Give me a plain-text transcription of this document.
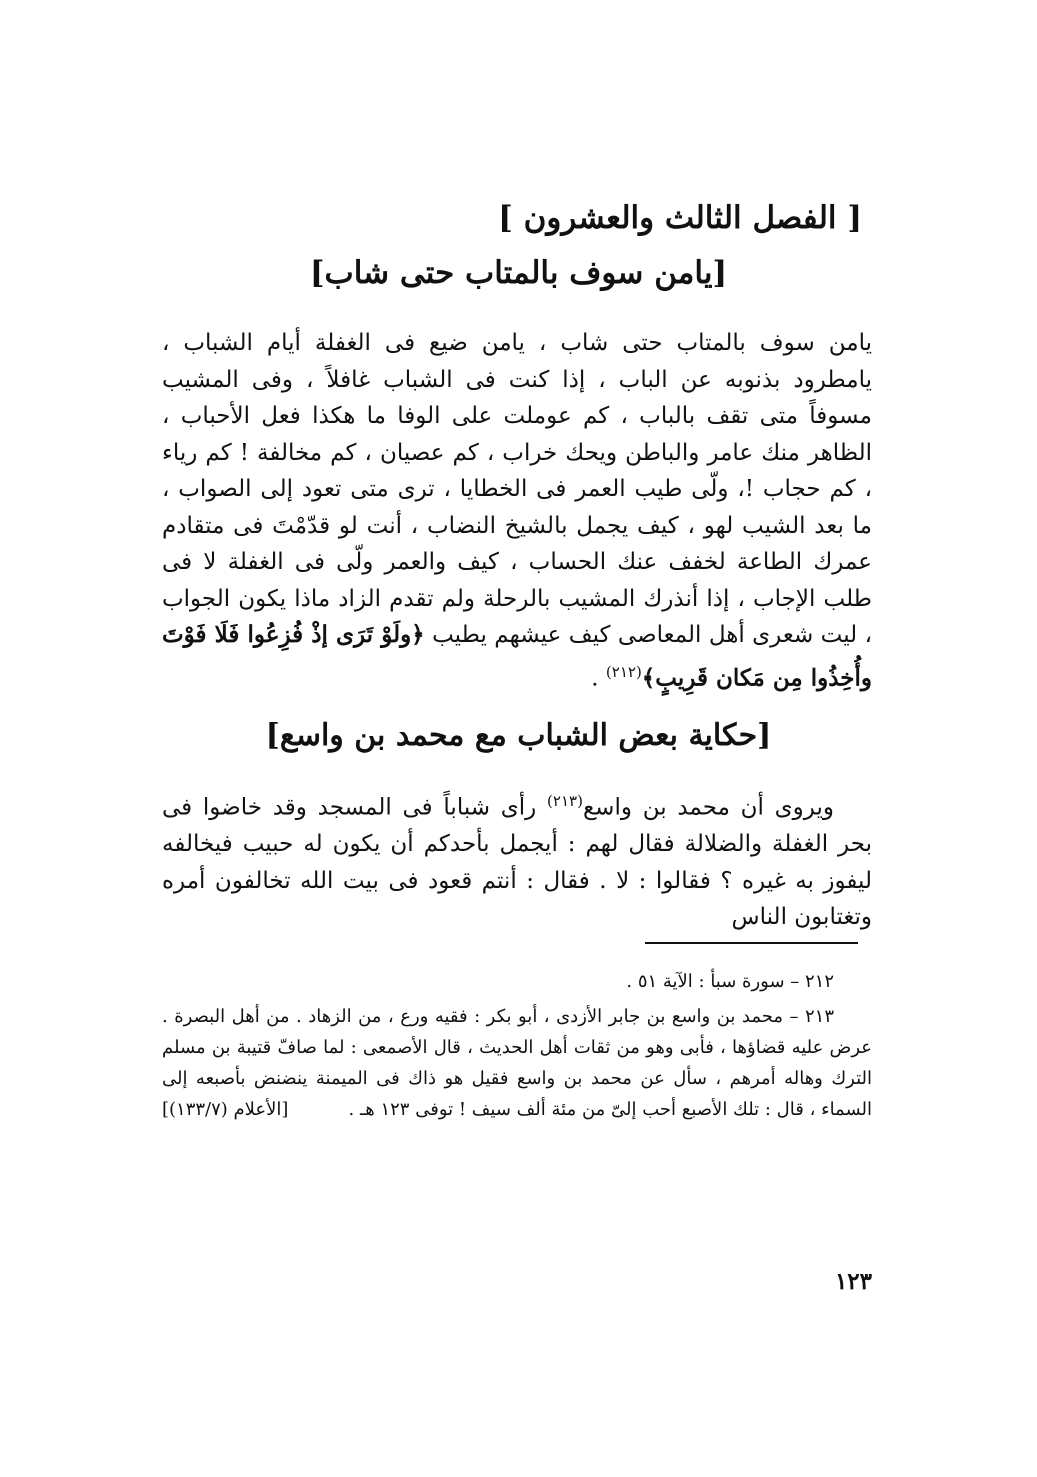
[ الفصل الثالث والعشرون ]
[يامن سوف بالمتاب حتى شاب]

يامن سوف بالمتاب حتى شاب ، يامن ضيع فى الغفلة أيام الشباب ، يامطرود بذنوبه عن الباب ، إذا كنت فى الشباب غافلاً ، وفى المشيب مسوفاً متى تقف بالباب ، كم عوملت على الوفا ما هكذا فعل الأحباب ، الظاهر منك عامر والباطن ويحك خراب ، كم عصيان ، كم مخالفة ! كم رياء ، كم حجاب !، ولّى طيب العمر فى الخطايا ، ترى متى تعود إلى الصواب ، ما بعد الشيب لهو ، كيف يجمل بالشيخ النضاب ، أنت لو قدّمْتَ فى متقادم عمرك الطاعة لخفف عنك الحساب ، كيف والعمر ولّى فى الغفلة لا فى طلب الإجاب ، إذا أنذرك المشيب بالرحلة ولم تقدم الزاد ماذا يكون الجواب ، ليت شعرى أهل المعاصى كيف عيشهم يطيب ﴿ولَوْ تَرَى إذْ فُزِعُوا فَلَا فَوْتَ وأُخِذُوا مِن مَكان قَرِيبٍ﴾$^{(٢١٢)}$ .

[حكاية بعض الشباب مع محمد بن واسع]

ويروى أن محمد بن واسع$^{(٢١٣)}$ رأى شباباً فى المسجد وقد خاضوا فى بحر الغفلة والضلالة فقال لهم : أيجمل بأحدكم أن يكون له حبيب فيخالفه ليفوز به غيره ؟ فقالوا : لا . فقال : أنتم قعود فى بيت الله تخالفون أمره وتغتابون الناس

٢١٢ – سورة سبأ : الآية ٥١ .

٢١٣ – محمد بن واسع بن جابر الأزدى ، أبو بكر : فقيه ورع ، من الزهاد . من أهل البصرة . عرض عليه قضاؤها ، فأبى وهو من ثقات أهل الحديث ، قال الأصمعى : لما صافّ قتيبة بن مسلم الترك وهاله أمرهم ، سأل عن محمد بن واسع فقيل هو ذاك فى الميمنة ينضنض بأصبعه إلى السماء ، قال : تلك الأصبع أحب إلىّ من مئة ألف سيف ! توفى ١٢٣ هـ .
[الأعلام (١٣٣/٧)]

١٢٣
